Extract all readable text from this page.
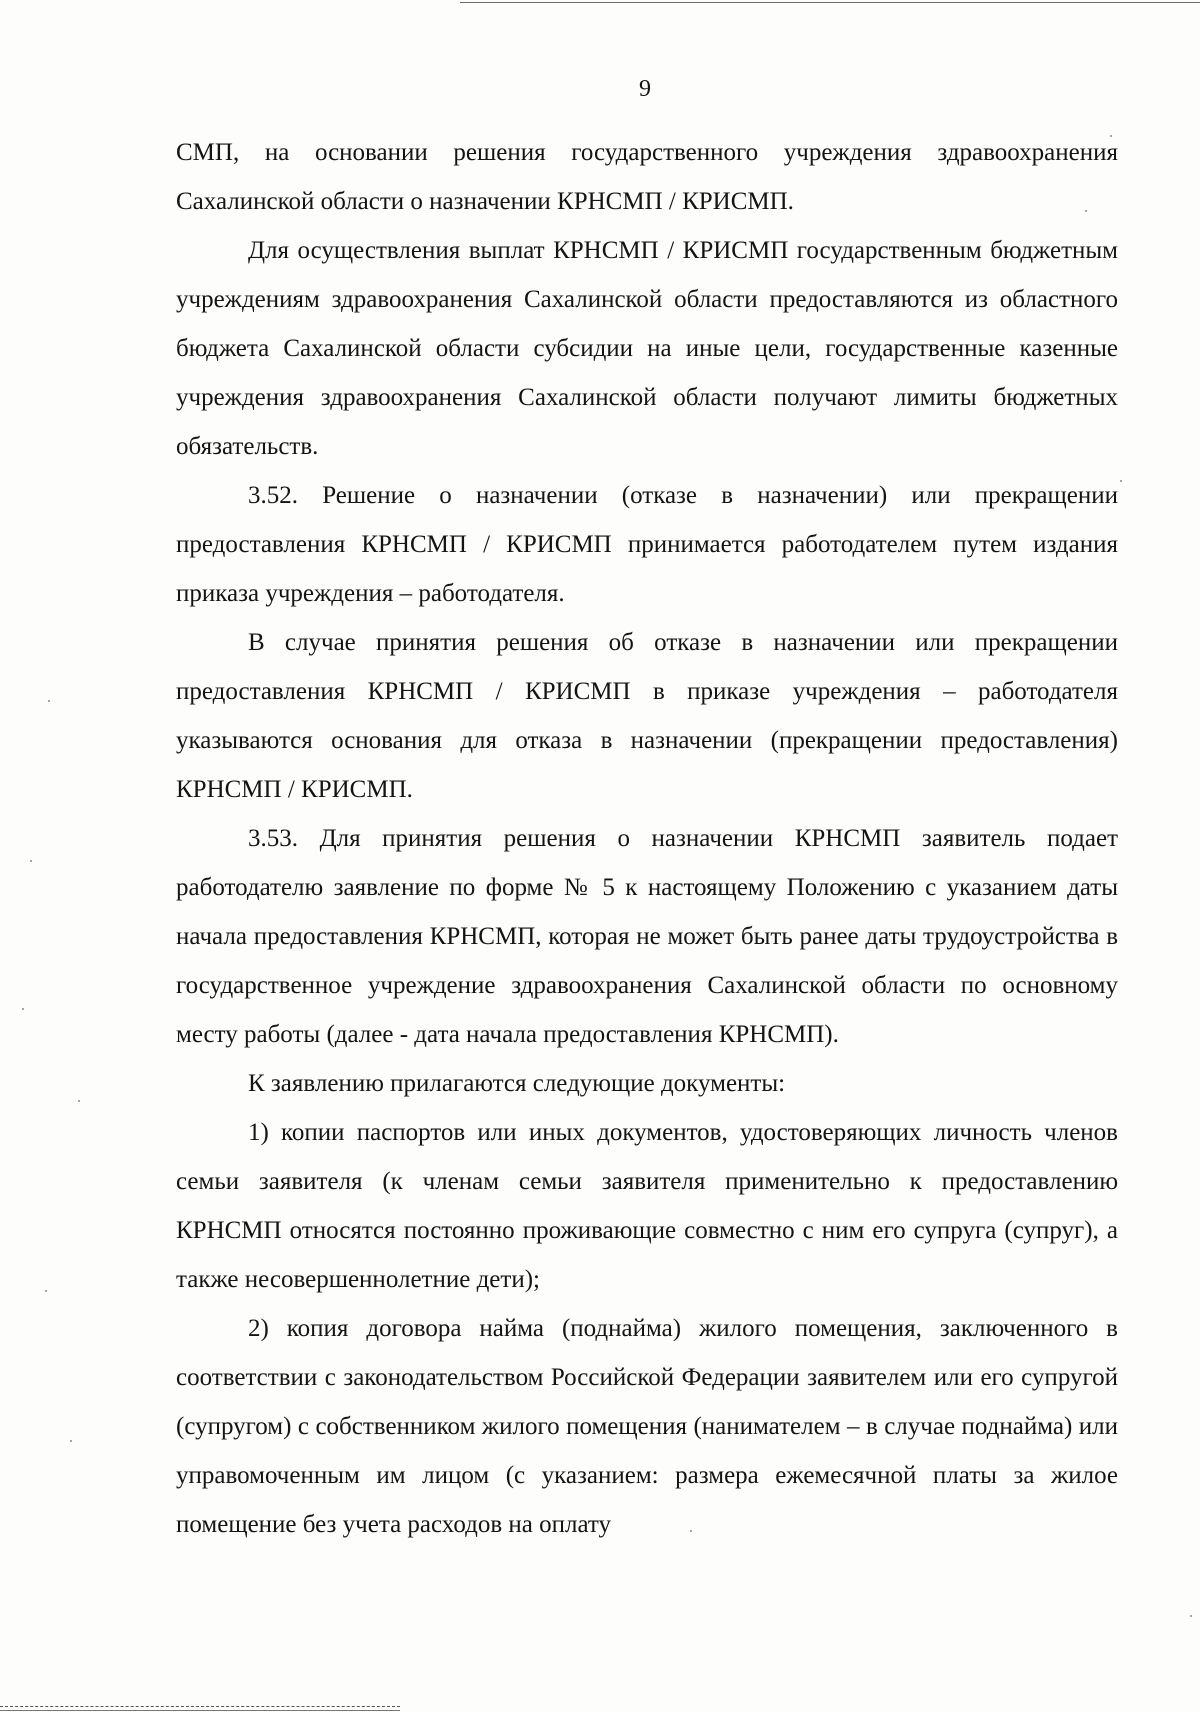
9

СМП, на основании решения государственного учреждения здравоохранения Сахалинской области о назначении КРНСМП / КРИСМП.

Для осуществления выплат КРНСМП / КРИСМП государственным бюджетным учреждениям здравоохранения Сахалинской области предоставляются из областного бюджета Сахалинской области субсидии на иные цели, государственные казенные учреждения здравоохранения Сахалинской области получают лимиты бюджетных обязательств.

3.52. Решение о назначении (отказе в назначении) или прекращении предоставления КРНСМП / КРИСМП принимается работодателем путем издания приказа учреждения – работодателя.

В случае принятия решения об отказе в назначении или прекращении предоставления КРНСМП / КРИСМП в приказе учреждения – работодателя указываются основания для отказа в назначении (прекращении предоставления) КРНСМП / КРИСМП.

3.53. Для принятия решения о назначении КРНСМП заявитель подает работодателю заявление по форме № 5 к настоящему Положению с указанием даты начала предоставления КРНСМП, которая не может быть ранее даты трудоустройства в государственное учреждение здравоохранения Сахалинской области по основному месту работы (далее - дата начала предоставления КРНСМП).

К заявлению прилагаются следующие документы:

1) копии паспортов или иных документов, удостоверяющих личность членов семьи заявителя (к членам семьи заявителя применительно к предоставлению КРНСМП относятся постоянно проживающие совместно с ним его супруга (супруг), а также несовершеннолетние дети);

2) копия договора найма (поднайма) жилого помещения, заключенного в соответствии с законодательством Российской Федерации заявителем или его супругой (супругом) с собственником жилого помещения (нанимателем – в случае поднайма) или управомоченным им лицом (с указанием: размера ежемесячной платы за жилое помещение без учета расходов на оплату
